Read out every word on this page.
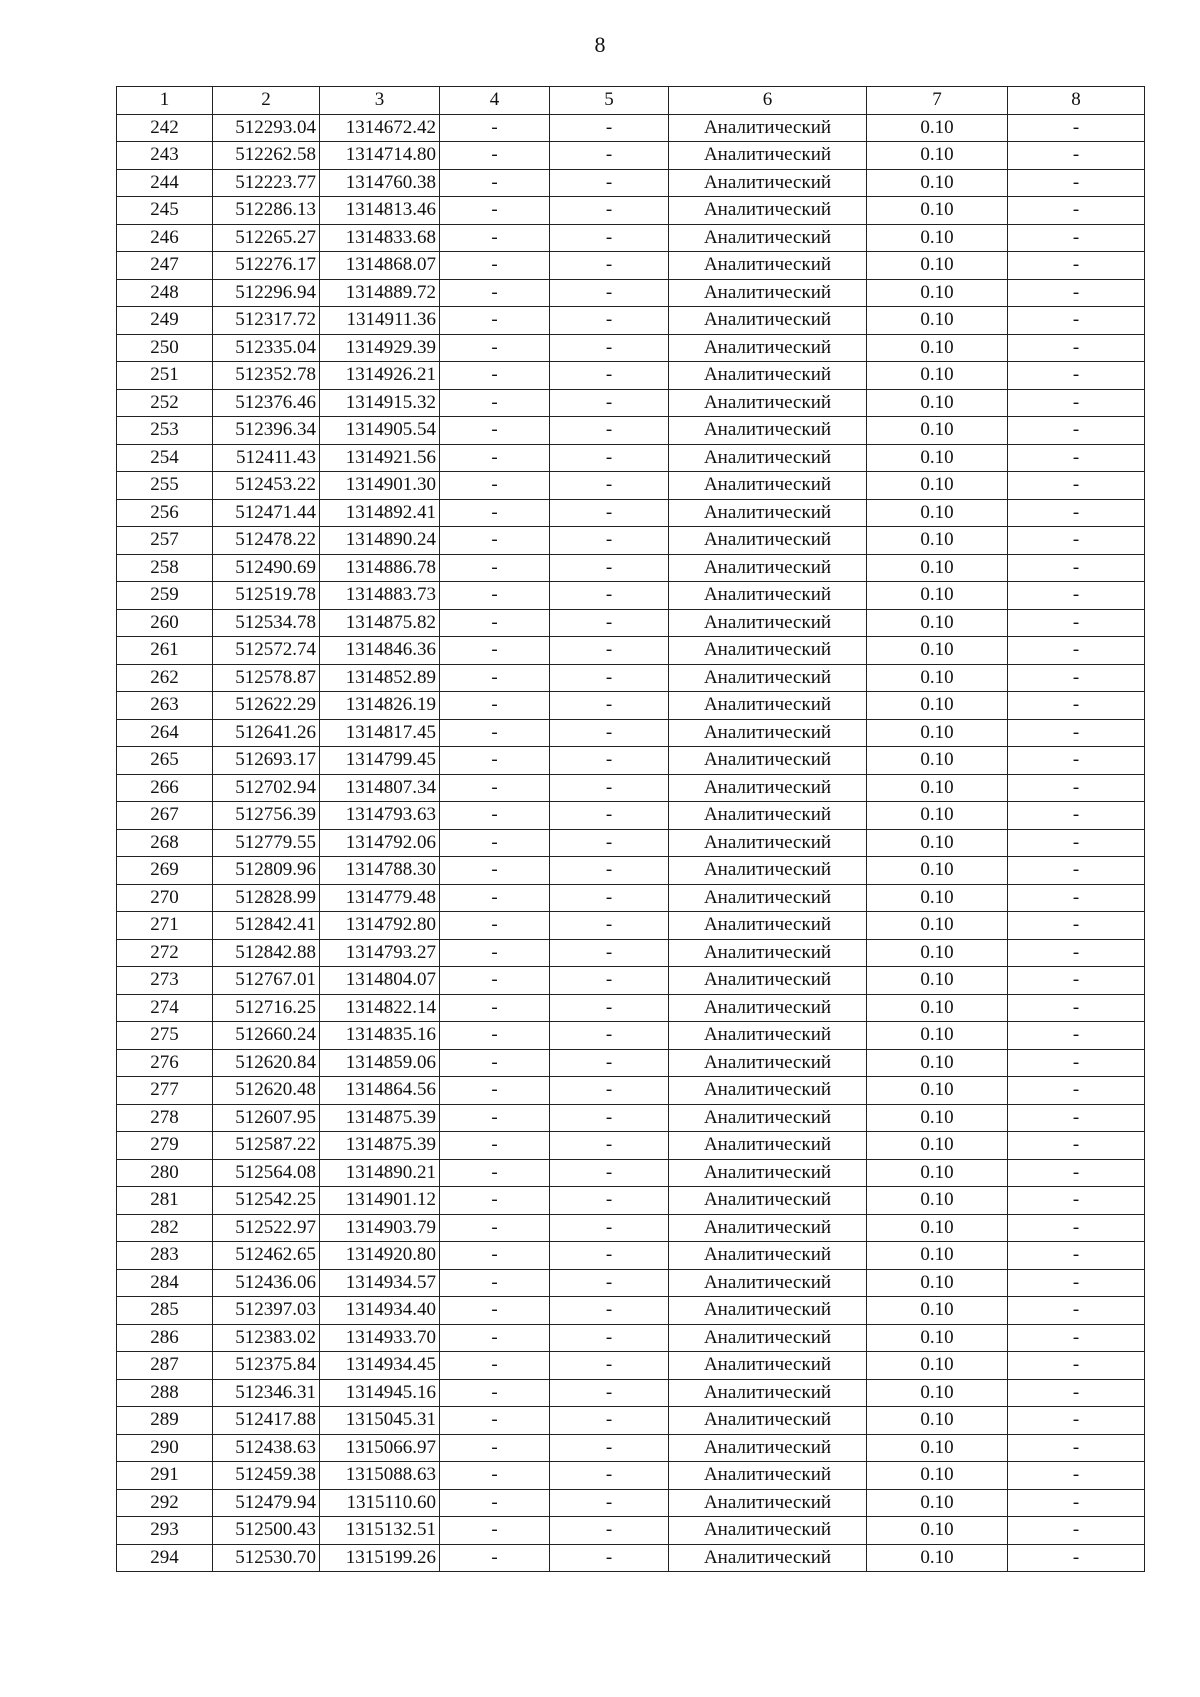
8
1	2	3	4	5	6	7	8
242	512293.04	1314672.42	-	-	Аналитический	0.10	-
243	512262.58	1314714.80	-	-	Аналитический	0.10	-
244	512223.77	1314760.38	-	-	Аналитический	0.10	-
245	512286.13	1314813.46	-	-	Аналитический	0.10	-
246	512265.27	1314833.68	-	-	Аналитический	0.10	-
247	512276.17	1314868.07	-	-	Аналитический	0.10	-
248	512296.94	1314889.72	-	-	Аналитический	0.10	-
249	512317.72	1314911.36	-	-	Аналитический	0.10	-
250	512335.04	1314929.39	-	-	Аналитический	0.10	-
251	512352.78	1314926.21	-	-	Аналитический	0.10	-
252	512376.46	1314915.32	-	-	Аналитический	0.10	-
253	512396.34	1314905.54	-	-	Аналитический	0.10	-
254	512411.43	1314921.56	-	-	Аналитический	0.10	-
255	512453.22	1314901.30	-	-	Аналитический	0.10	-
256	512471.44	1314892.41	-	-	Аналитический	0.10	-
257	512478.22	1314890.24	-	-	Аналитический	0.10	-
258	512490.69	1314886.78	-	-	Аналитический	0.10	-
259	512519.78	1314883.73	-	-	Аналитический	0.10	-
260	512534.78	1314875.82	-	-	Аналитический	0.10	-
261	512572.74	1314846.36	-	-	Аналитический	0.10	-
262	512578.87	1314852.89	-	-	Аналитический	0.10	-
263	512622.29	1314826.19	-	-	Аналитический	0.10	-
264	512641.26	1314817.45	-	-	Аналитический	0.10	-
265	512693.17	1314799.45	-	-	Аналитический	0.10	-
266	512702.94	1314807.34	-	-	Аналитический	0.10	-
267	512756.39	1314793.63	-	-	Аналитический	0.10	-
268	512779.55	1314792.06	-	-	Аналитический	0.10	-
269	512809.96	1314788.30	-	-	Аналитический	0.10	-
270	512828.99	1314779.48	-	-	Аналитический	0.10	-
271	512842.41	1314792.80	-	-	Аналитический	0.10	-
272	512842.88	1314793.27	-	-	Аналитический	0.10	-
273	512767.01	1314804.07	-	-	Аналитический	0.10	-
274	512716.25	1314822.14	-	-	Аналитический	0.10	-
275	512660.24	1314835.16	-	-	Аналитический	0.10	-
276	512620.84	1314859.06	-	-	Аналитический	0.10	-
277	512620.48	1314864.56	-	-	Аналитический	0.10	-
278	512607.95	1314875.39	-	-	Аналитический	0.10	-
279	512587.22	1314875.39	-	-	Аналитический	0.10	-
280	512564.08	1314890.21	-	-	Аналитический	0.10	-
281	512542.25	1314901.12	-	-	Аналитический	0.10	-
282	512522.97	1314903.79	-	-	Аналитический	0.10	-
283	512462.65	1314920.80	-	-	Аналитический	0.10	-
284	512436.06	1314934.57	-	-	Аналитический	0.10	-
285	512397.03	1314934.40	-	-	Аналитический	0.10	-
286	512383.02	1314933.70	-	-	Аналитический	0.10	-
287	512375.84	1314934.45	-	-	Аналитический	0.10	-
288	512346.31	1314945.16	-	-	Аналитический	0.10	-
289	512417.88	1315045.31	-	-	Аналитический	0.10	-
290	512438.63	1315066.97	-	-	Аналитический	0.10	-
291	512459.38	1315088.63	-	-	Аналитический	0.10	-
292	512479.94	1315110.60	-	-	Аналитический	0.10	-
293	512500.43	1315132.51	-	-	Аналитический	0.10	-
294	512530.70	1315199.26	-	-	Аналитический	0.10	-
